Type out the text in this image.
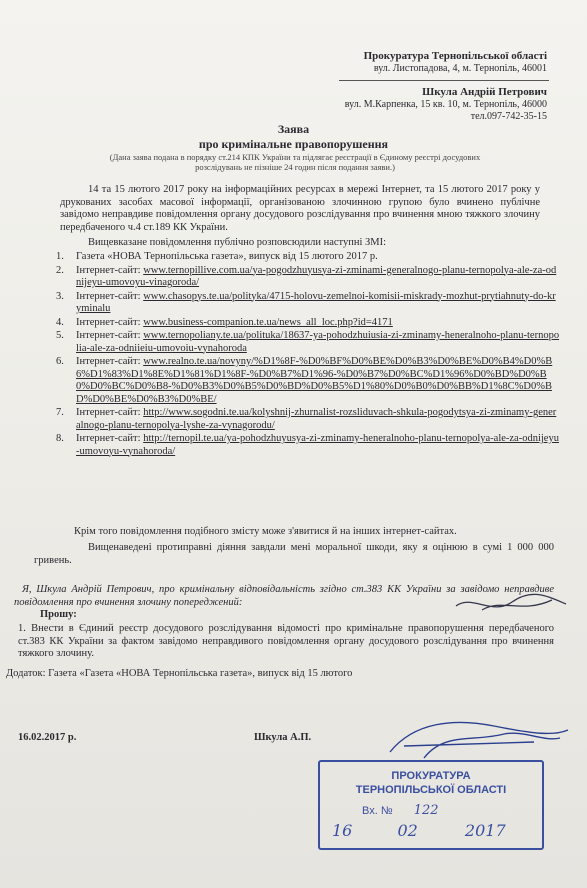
Прокуратура Тернопільської області
вул. Листопадова, 4, м. Тернопіль, 46001
Шкула Андрій Петрович
вул. М.Карпенка, 15 кв. 10, м. Тернопіль, 46000
тел.097-742-35-15
Заява
про кримінальне правопорушення
(Дана заява подана в порядку ст.214 КПК України та підлягає реєстрації в Єдиному реєстрі досудових
розслідувань не пізніше 24 годин після подання заяви.)
14 та 15 лютого 2017 року на інформаційних ресурсах в мережі Інтернет, та 15 лютого 2017 року у друкованих засобах масової інформації, організованою злочинною групою було вчинено публічне завідомо неправдиве повідомлення органу досудового розслідування про вчинення мною тяжкого злочину передбаченого ч.4 ст.189 КК України.
Вищевказане повідомлення публічно розповсюдили наступні ЗМІ:
1. Газета «НОВА Тернопільська газета», випуск від 15 лютого 2017 р.
2. Інтернет-сайт: www.ternopillive.com.ua/ya-pogodzhuyusya-zi-zminami-generalnogo-planu-ternopolya-ale-za-odnijeyu-umovoyu-vinagoroda/
3. Інтернет-сайт: www.chasopys.te.ua/polityka/4715-holovu-zemelnoi-komisii-miskrady-mozhut-prytiahnuty-do-kryminalu
4. Інтернет-сайт: www.business-companion.te.ua/news_all_loc.php?id=4171
5. Інтернет-сайт: www.ternopoliany.te.ua/polituka/18637-ya-pohodzhuiusia-zi-zminamy-heneralnoho-planu-ternopolia-ale-za-odniieiu-umovoiu-vynahoroda
6. Інтернет-сайт: www.realno.te.ua/novyny/%D1%8F-%D0%BF%D0%BE%D0%B3%D0%BE%D0%B4%D0%B6%D1%83%D1%8E%D1%81%D1%8F-%D0%B7%D1%96-%D0%B7%D0%BC%D1%96%D0%BD%D0%B0%D0%BC%D0%B8-%D0%B3%D0%B5%D0%BD%D0%B5%D1%80%D0%B0%D0%BB%D1%8C%D0%BD%D0%BE%D0%B3%D0%BE/
7. Інтернет-сайт: http://www.sogodni.te.ua/kolyshnij-zhurnalist-rozsliduvach-shkula-pogodytsya-zi-zminamy-generalnogo-planu-ternopolya-lyshe-za-vynagorodu/
8. Інтернет-сайт: http://ternopil.te.ua/ya-pohodzhuyusya-zi-zminamy-heneralnoho-planu-ternopolya-ale-za-odnijeyu-umovoyu-vynahoroda/
Крім того повідомлення подібного змісту може з'явитися й на інших інтернет-сайтах.
Вищенаведені протиправні діяння завдали мені моральної шкоди, яку я оцінюю в сумі 1 000 000 гривень.
Я, Шкула Андрій Петрович, про кримінальну відповідальність згідно ст.383 КК України за завідомо неправдиве повідомлення про вчинення злочину попереджений:
Прошу:
1. Внести в Єдиний реєстр досудового розслідування відомості про кримінальне правопорушення передбаченого ст.383 КК України за фактом завідомо неправдивого повідомлення органу досудового розслідування про вчинення тяжкого злочину.
Додаток: Газета «Газета «НОВА Тернопільська газета», випуск від 15 лютого
16.02.2017 р.	Шкула А.П.
ПРОКУРАТУРА
ТЕРНОПІЛЬСЬКОЇ ОБЛАСТІ
Вх. № 122
16	02	2017
